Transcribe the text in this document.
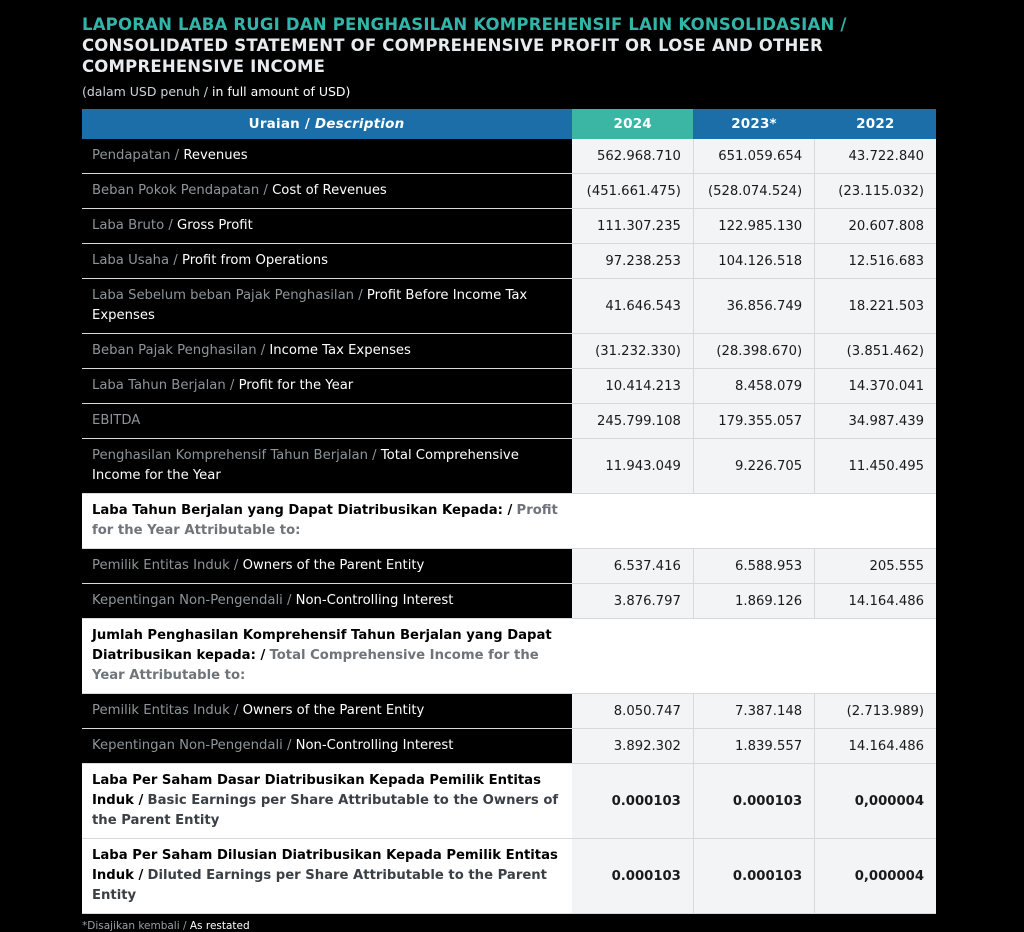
LAPORAN LABA RUGI DAN PENGHASILAN KOMPREHENSIF LAIN KONSOLIDASIAN /
CONSOLIDATED STATEMENT OF COMPREHENSIVE PROFIT OR LOSE AND OTHER COMPREHENSIVE INCOME
(dalam USD penuh / in full amount of USD)
Uraian / Description	2024	2023*	2022
Pendapatan / Revenues	562.968.710	651.059.654	43.722.840
Beban Pokok Pendapatan / Cost of Revenues	(451.661.475)	(528.074.524)	(23.115.032)
Laba Bruto / Gross Profit	111.307.235	122.985.130	20.607.808
Laba Usaha / Profit from Operations	97.238.253	104.126.518	12.516.683
Laba Sebelum beban Pajak Penghasilan / Profit Before Income Tax Expenses	41.646.543	36.856.749	18.221.503
Beban Pajak Penghasilan / Income Tax Expenses	(31.232.330)	(28.398.670)	(3.851.462)
Laba Tahun Berjalan / Profit for the Year	10.414.213	8.458.079	14.370.041
EBITDA	245.799.108	179.355.057	34.987.439
Penghasilan Komprehensif Tahun Berjalan / Total Comprehensive Income for the Year	11.943.049	9.226.705	11.450.495
Laba Tahun Berjalan yang Dapat Diatribusikan Kepada: / Profit for the Year Attributable to:			
Pemilik Entitas Induk / Owners of the Parent Entity	6.537.416	6.588.953	205.555
Kepentingan Non-Pengendali / Non-Controlling Interest	3.876.797	1.869.126	14.164.486
Jumlah Penghasilan Komprehensif Tahun Berjalan yang Dapat Diatribusikan kepada: / Total Comprehensive Income for the Year Attributable to:			
Pemilik Entitas Induk / Owners of the Parent Entity	8.050.747	7.387.148	(2.713.989)
Kepentingan Non-Pengendali / Non-Controlling Interest	3.892.302	1.839.557	14.164.486
Laba Per Saham Dasar Diatribusikan Kepada Pemilik Entitas Induk / Basic Earnings per Share Attributable to the Owners of the Parent Entity	0.000103	0.000103	0,000004
Laba Per Saham Dilusian Diatribusikan Kepada Pemilik Entitas Induk / Diluted Earnings per Share Attributable to the Parent Entity	0.000103	0.000103	0,000004
*Disajikan kembali / As restated
